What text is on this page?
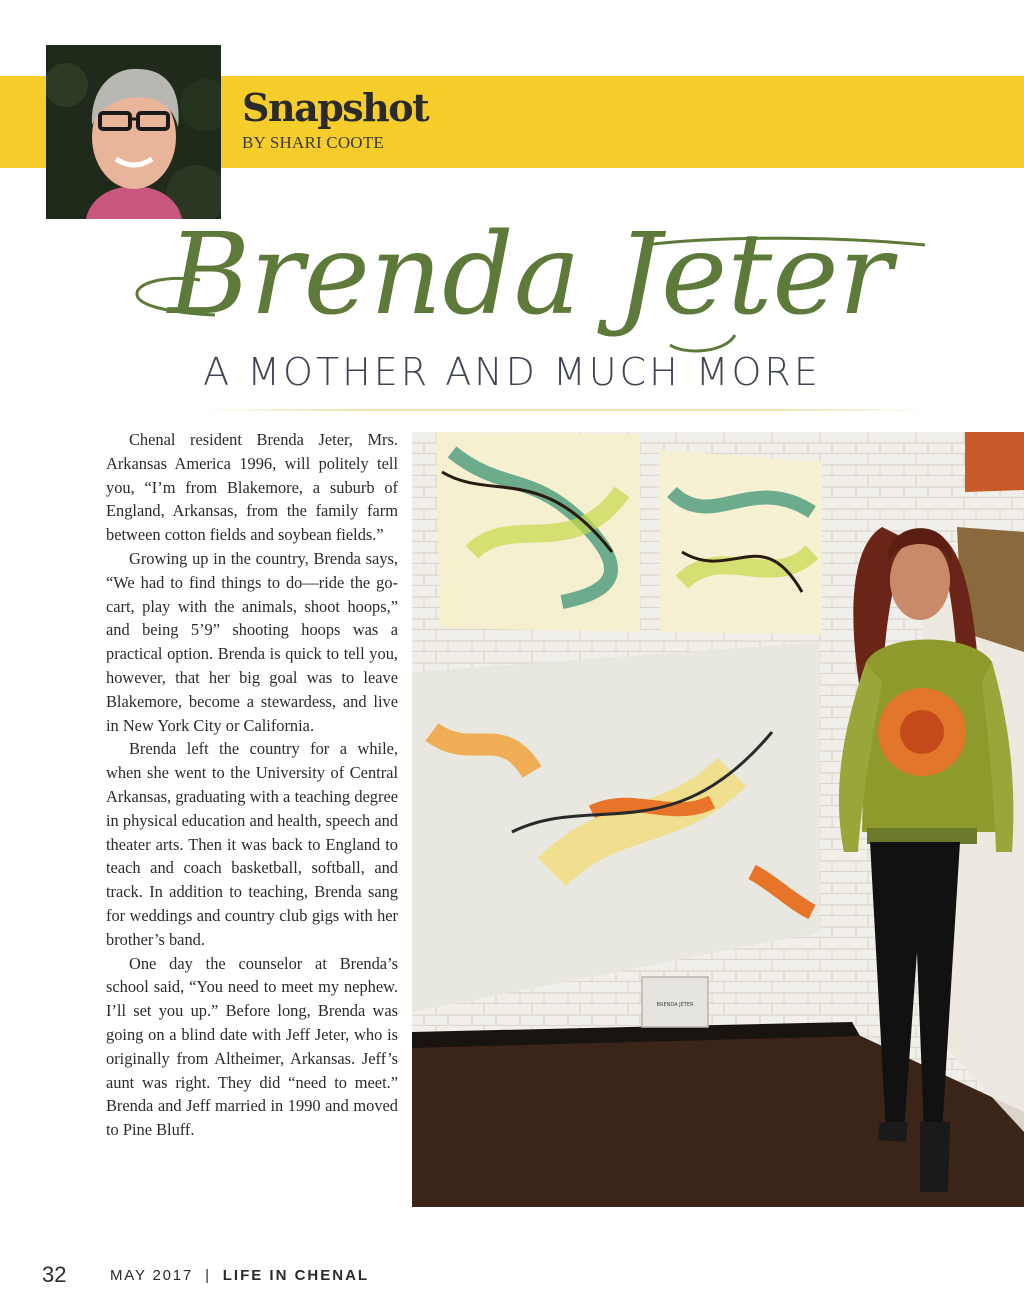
Snapshot
BY SHARI COOTE
Brenda Jeter
A MOTHER AND MUCH MORE

Chenal resident Brenda Jeter, Mrs. Arkansas America 1996, will politely tell you, “I’m from Blakemore, a suburb of England, Arkansas, from the family farm between cotton fields and soybean fields.”

Growing up in the country, Brenda says, “We had to find things to do—ride the go-cart, play with the animals, shoot hoops,” and being 5’9” shooting hoops was a practical option. Brenda is quick to tell you, however, that her big goal was to leave Blakemore, become a stewardess, and live in New York City or California.

Brenda left the country for a while, when she went to the University of Central Arkansas, graduating with a teaching degree in physical education and health, speech and theater arts. Then it was back to England to teach and coach basketball, softball, and track. In addition to teaching, Brenda sang for weddings and country club gigs with her brother’s band.

One day the counselor at Brenda’s school said, “You need to meet my nephew. I’ll set you up.” Before long, Brenda was going on a blind date with Jeff Jeter, who is originally from Altheimer, Arkansas. Jeff’s aunt was right. They did “need to meet.” Brenda and Jeff married in 1990 and moved to Pine Bluff.

BRENDA JETER
32	MAY 2017 | LIFE IN CHENAL
